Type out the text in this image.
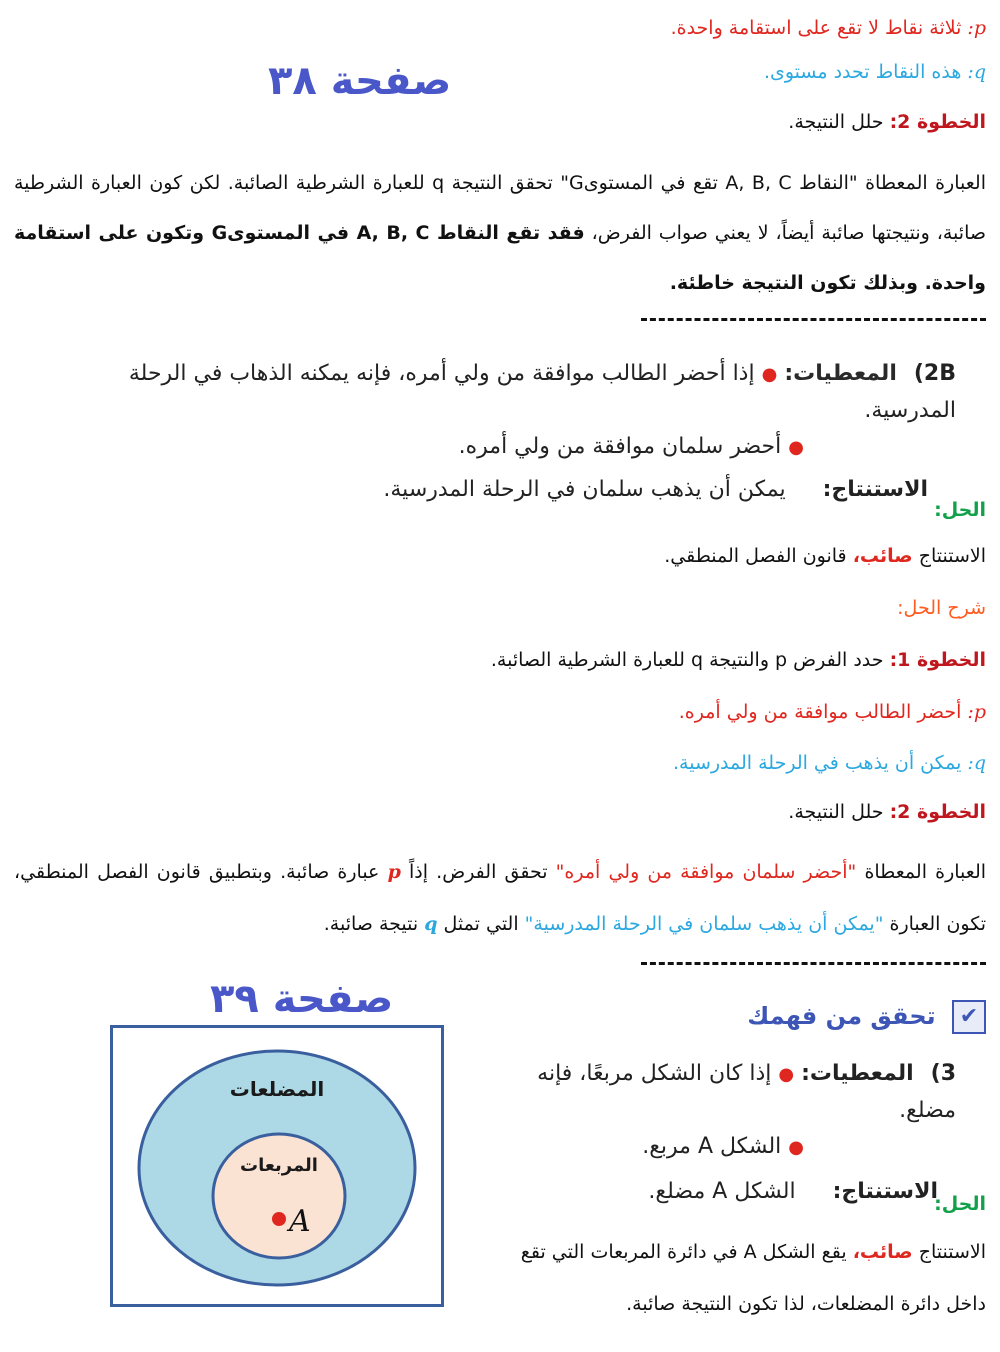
p: ثلاثة نقاط لا تقع على استقامة واحدة.
q: هذه النقاط تحدد مستوى.
صفحة ٣٨
الخطوة 2: حلل النتيجة.
العبارة المعطاة "النقاط A, B, C تقع في المستوىG" تحقق النتيجة q للعبارة الشرطية الصائبة. لكن كون العبارة الشرطية صائبة، ونتيجتها صائبة أيضاً، لا يعني صواب الفرض، فقد تقع النقاط A, B, C في المستوىG وتكون على استقامة واحدة. وبذلك تكون النتيجة خاطئة.
2B) المعطيات: ● إذا أحضر الطالب موافقة من ولي أمره، فإنه يمكنه الذهاب في الرحلة المدرسية.
● أحضر سلمان موافقة من ولي أمره.
الاستنتاج: يمكن أن يذهب سلمان في الرحلة المدرسية.
الحل:
الاستنتاج صائب، قانون الفصل المنطقي.
شرح الحل:
الخطوة 1: حدد الفرض p والنتيجة q للعبارة الشرطية الصائبة.
p: أحضر الطالب موافقة من ولي أمره.
q: يمكن أن يذهب في الرحلة المدرسية.
الخطوة 2: حلل النتيجة.
العبارة المعطاة "أحضر سلمان موافقة من ولي أمره" تحقق الفرض. إذاً p عبارة صائبة. وبتطبيق قانون الفصل المنطقي، تكون العبارة "يمكن أن يذهب سلمان في الرحلة المدرسية" التي تمثل q نتيجة صائبة.
صفحة ٣٩	✔ تحقق من فهمك
3) المعطيات: ● إذا كان الشكل مربعًا، فإنه مضلع.
● الشكل A مربع.
الاستنتاج: الشكل A مضلع.	الحل:
الاستنتاج صائب، يقع الشكل A في دائرة المربعات التي تقع
داخل دائرة المضلعات، لذا تكون النتيجة صائبة.
المضلعات
المربعات
A
